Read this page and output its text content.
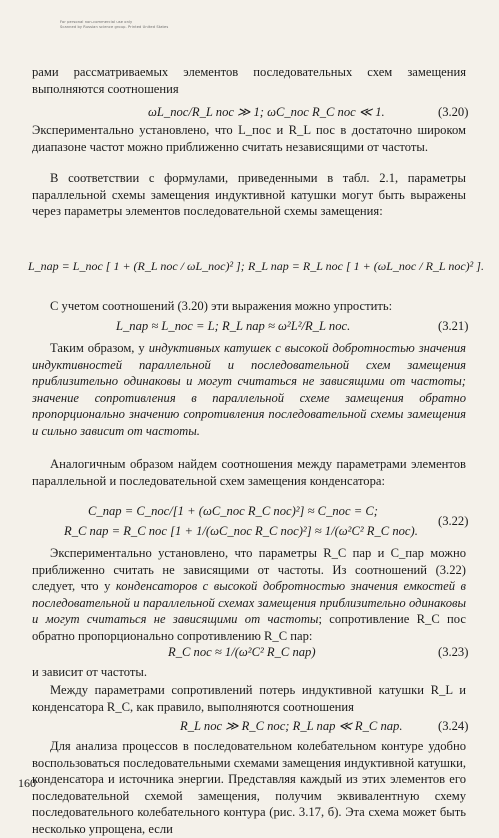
For personal non-commercial use only
Scanned by Russian science group. Printed United States
рами рассматриваемых элементов последовательных схем замещения выполняются соотношения
ωL_пос/R_L пос ≫ 1; ωC_пос R_C пос ≪ 1.	(3.20)
Экспериментально установлено, что L_пос и R_L пос в достаточно широком диапазоне частот можно приближенно считать независящими от частоты.
В соответствии с формулами, приведенными в табл. 2.1, параметры параллельной схемы замещения индуктивной катушки могут быть выражены через параметры элементов последовательной схемы замещения:
L_пар = L_пос [ 1 + (R_L пос / ωL_пос)² ]; R_L пар = R_L пос [ 1 + (ωL_пос / R_L пос)² ].
С учетом соотношений (3.20) эти выражения можно упростить:
L_пар ≈ L_пос = L; R_L пар ≈ ω²L²/R_L пос.	(3.21)
Таким образом, у индуктивных катушек с высокой добротностью значения индуктивностей параллельной и последовательной схем замещения приблизительно одинаковы и могут считаться не зависящими от частоты; значение сопротивления в параллельной схеме замещения обратно пропорционально значению сопротивления последовательной схемы замещения и сильно зависит от частоты.
Аналогичным образом найдем соотношения между параметрами элементов параллельной и последовательной схем замещения конденсатора:
C_пар = C_пос/[1 + (ωC_пос R_C пос)²] ≈ C_пос = C;
R_C пар = R_C пос [1 + 1/(ωC_пос R_C пос)²] ≈ 1/(ω²C² R_C пос).
(3.22)
Экспериментально установлено, что параметры R_C пар и C_пар можно приближенно считать не зависящими от частоты. Из соотношений (3.22) следует, что у конденсаторов с высокой добротностью значения емкостей в последовательной и параллельной схемах замещения приблизительно одинаковы и могут считаться не зависящими от частоты; сопротивление R_C пос обратно пропорционально сопротивлению R_C пар:
R_C пос ≈ 1/(ω²C² R_C пар)	(3.23)
и зависит от частоты.
Между параметрами сопротивлений потерь индуктивной катушки R_L и конденсатора R_C, как правило, выполняются соотношения
R_L пос ≫ R_C пос; R_L пар ≪ R_C пар.	(3.24)
Для анализа процессов в последовательном колебательном контуре удобно воспользоваться последовательными схемами замещения индуктивной катушки, конденсатора и источника энергии. Представляя каждый из этих элементов его последовательной схемой замещения, получим эквивалентную схему последовательного колебательного контура (рис. 3.17, б). Эта схема может быть несколько упрощена, если
160
